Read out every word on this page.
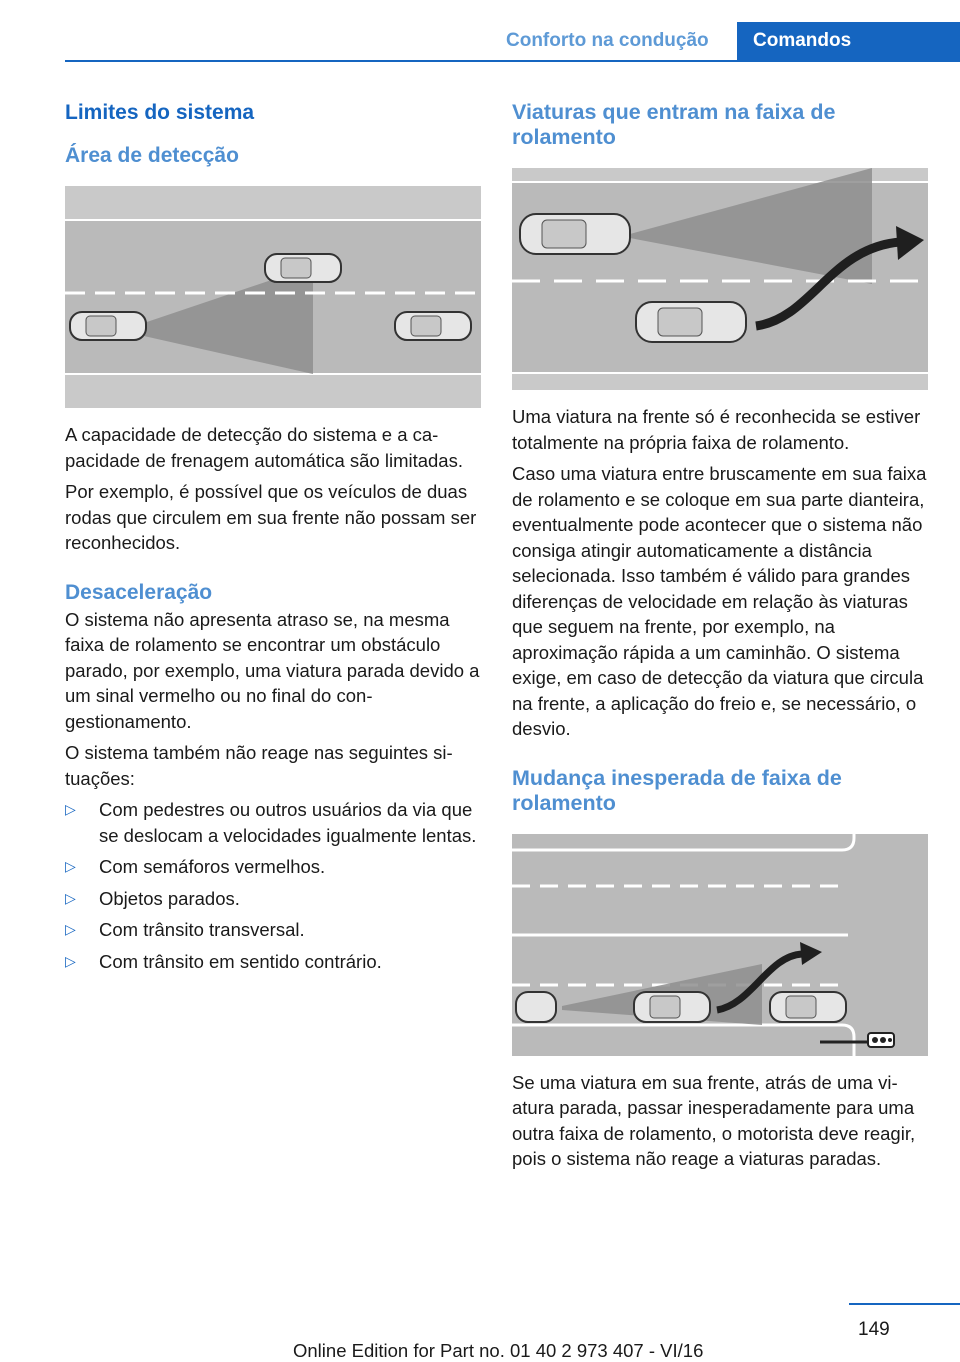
Conforto na condução	Comandos
Limites do sistema
Área de detecção

A capacidade de detecção do sistema e a capacidade de frenagem automática são limitadas.

Por exemplo, é possível que os veículos de duas rodas que circulem em sua frente não possam ser reconhecidos.

Desaceleração

O sistema não apresenta atraso se, na mesma faixa de rolamento se encontrar um obstáculo parado, por exemplo, uma viatura parada devido a um sinal vermelho ou no final do congestionamento.

O sistema também não reage nas seguintes situações:

▷ Com pedestres ou outros usuários da via que se deslocam a velocidades igualmente lentas.
▷ Com semáforos vermelhos.
▷ Objetos parados.
▷ Com trânsito transversal.
▷ Com trânsito em sentido contrário.
Viaturas que entram na faixa de rolamento

Uma viatura na frente só é reconhecida se estiver totalmente na própria faixa de rolamento.

Caso uma viatura entre bruscamente em sua faixa de rolamento e se coloque em sua parte dianteira, eventualmente pode acontecer que o sistema não consiga atingir automaticamente a distância selecionada. Isso também é válido para grandes diferenças de velocidade em relação às viaturas que seguem na frente, por exemplo, na aproximação rápida a um caminhão. O sistema exige, em caso de detecção da viatura que circula na frente, a aplicação do freio e, se necessário, o desvio.

Mudança inesperada de faixa de rolamento

Se uma viatura em sua frente, atrás de uma viatura parada, passar inesperadamente para uma outra faixa de rolamento, o motorista deve reagir, pois o sistema não reage a viaturas paradas.

149
Online Edition for Part no. 01 40 2 973 407 - VI/16
